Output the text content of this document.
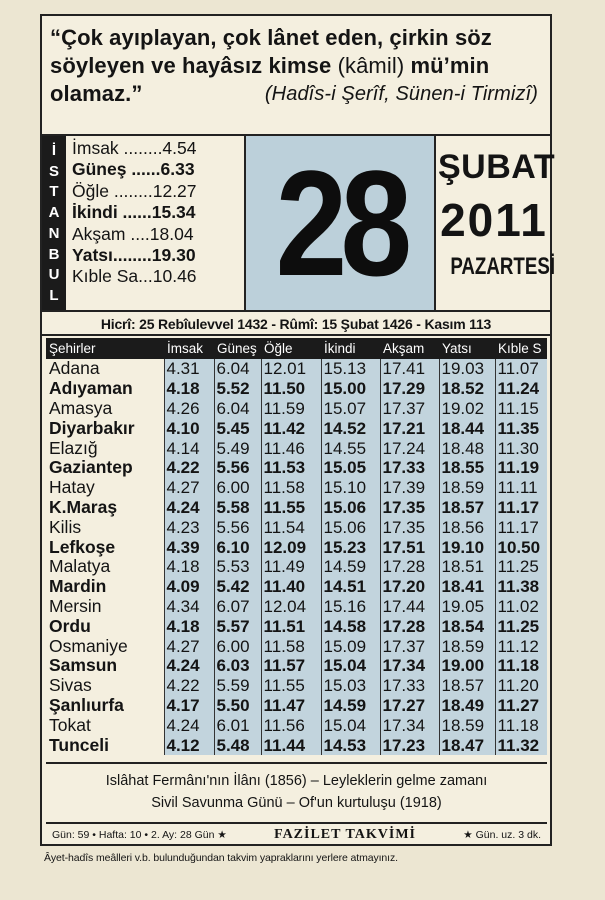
“Çok ayıplayan, çok lânet eden, çirkin söz söyleyen ve hayâsız kimse (kâmil) mü’min olamaz.”	(Hadîs-i Şerîf, Sünen-i Tirmizî)
İ
S
T
A
N
B
U
L
İmsak ........4.54
Güneş ......6.33
Öğle ........12.27
İkindi ......15.34
Akşam ....18.04
Yatsı........19.30
Kıble Sa...10.46 28 ŞUBAT
2011
PAZARTESİ
Hicrî: 25 Rebîulevvel 1432 - Rûmî: 15 Şubat 1426 - Kasım 113
Şehirler	İmsak	Güneş	Öğle	İkindi	Akşam	Yatsı	Kıble S
Adana	4.31	6.04	12.01	15.13	17.41	19.03	11.07
Adıyaman	4.18	5.52	11.50	15.00	17.29	18.52	11.24
Amasya	4.26	6.04	11.59	15.07	17.37	19.02	11.15
Diyarbakır	4.10	5.45	11.42	14.52	17.21	18.44	11.35
Elazığ	4.14	5.49	11.46	14.55	17.24	18.48	11.30
Gaziantep	4.22	5.56	11.53	15.05	17.33	18.55	11.19
Hatay	4.27	6.00	11.58	15.10	17.39	18.59	11.11
K.Maraş	4.24	5.58	11.55	15.06	17.35	18.57	11.17
Kilis	4.23	5.56	11.54	15.06	17.35	18.56	11.17
Lefkoşe	4.39	6.10	12.09	15.23	17.51	19.10	10.50
Malatya	4.18	5.53	11.49	14.59	17.28	18.51	11.25
Mardin	4.09	5.42	11.40	14.51	17.20	18.41	11.38
Mersin	4.34	6.07	12.04	15.16	17.44	19.05	11.02
Ordu	4.18	5.57	11.51	14.58	17.28	18.54	11.25
Osmaniye	4.27	6.00	11.58	15.09	17.37	18.59	11.12
Samsun	4.24	6.03	11.57	15.04	17.34	19.00	11.18
Sivas	4.22	5.59	11.55	15.03	17.33	18.57	11.20
Şanlıurfa	4.17	5.50	11.47	14.59	17.27	18.49	11.27
Tokat	4.24	6.01	11.56	15.04	17.34	18.59	11.18
Tunceli	4.12	5.48	11.44	14.53	17.23	18.47	11.32
Islâhat Fermânı'nın İlânı (1856) – Leyleklerin gelme zamanı
Sivil Savunma Günü – Of'un kurtuluşu (1918)
Gün: 59 • Hafta: 10 • 2. Ay: 28 Gün ★	FAZİLET TAKVİMİ	★ Gün. uz. 3 dk.
Âyet-hadîs meâlleri v.b. bulunduğundan takvim yapraklarını yerlere atmayınız.
